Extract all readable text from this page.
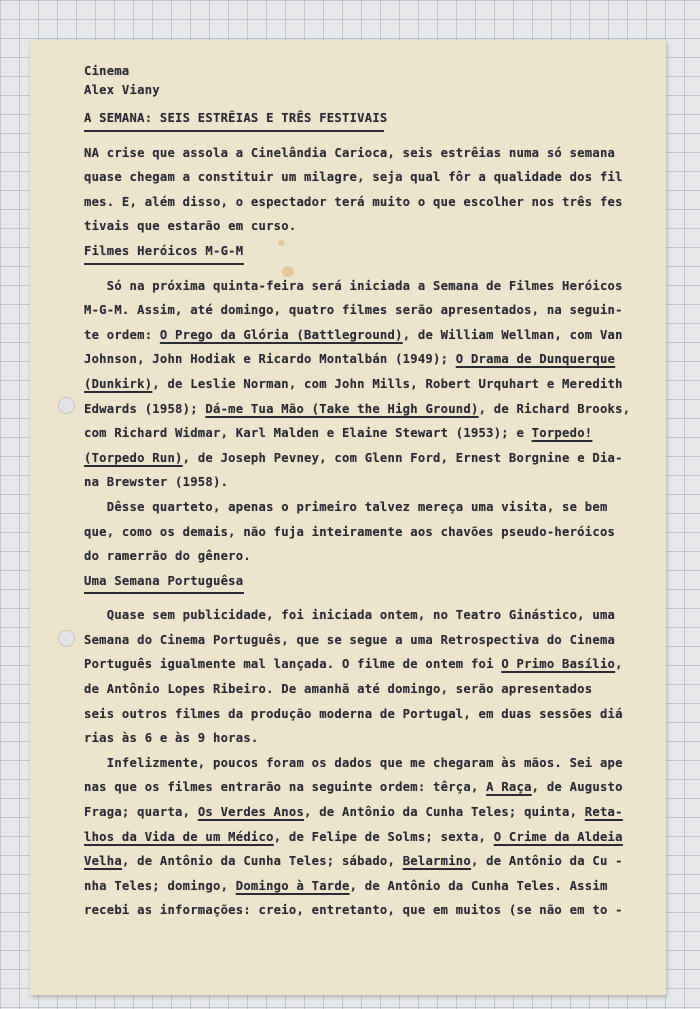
Cinema
Alex Viany
A SEMANA: SEIS ESTRÊIAS E TRÊS FESTIVAIS
NA crise que assola a Cinelândia Carioca, seis estrêias numa só semana
quase chegam a constituir um milagre, seja qual fôr a qualidade dos fil
mes. E, além disso, o espectador terá muito o que escolher nos três fes
tivais que estarão em curso.
Filmes Heróicos M-G-M
Só na próxima quinta-feira será iniciada a Semana de Filmes Heróicos
M-G-M. Assim, até domingo, quatro filmes serão apresentados, na seguin-
te ordem: O Prego da Glória (Battleground), de William Wellman, com Van
Johnson, John Hodiak e Ricardo Montalbán (1949); O Drama de Dunquerque
(Dunkirk), de Leslie Norman, com John Mills, Robert Urquhart e Meredith
Edwards (1958); Dá-me Tua Mão (Take the High Ground), de Richard Brooks,
com Richard Widmar, Karl Malden e Elaine Stewart (1953); e Torpedo!
(Torpedo Run), de Joseph Pevney, com Glenn Ford, Ernest Borgnine e Dia-
na Brewster (1958).
Dêsse quarteto, apenas o primeiro talvez mereça uma visita, se bem
que, como os demais, não fuja inteiramente aos chavões pseudo-heróicos
do ramerrão do gênero.
Uma Semana Portuguêsa
Quase sem publicidade, foi iniciada ontem, no Teatro Ginástico, uma
Semana do Cinema Português, que se segue a uma Retrospectiva do Cinema
Português igualmente mal lançada. O filme de ontem foi O Primo Basílio,
de Antônio Lopes Ribeiro. De amanhã até domingo, serão apresentados
seis outros filmes da produção moderna de Portugal, em duas sessões diá
rias às 6 e às 9 horas.
Infelizmente, poucos foram os dados que me chegaram às mãos. Sei ape
nas que os filmes entrarão na seguinte ordem: têrça, A Raça, de Augusto
Fraga; quarta, Os Verdes Anos, de Antônio da Cunha Teles; quinta, Reta-
lhos da Vida de um Médico, de Felipe de Solms; sexta, O Crime da Aldeia
Velha, de Antônio da Cunha Teles; sábado, Belarmino, de Antônio da Cu -
nha Teles; domingo, Domingo à Tarde, de Antônio da Cunha Teles. Assim
recebi as informações: creio, entretanto, que em muitos (se não em to -
